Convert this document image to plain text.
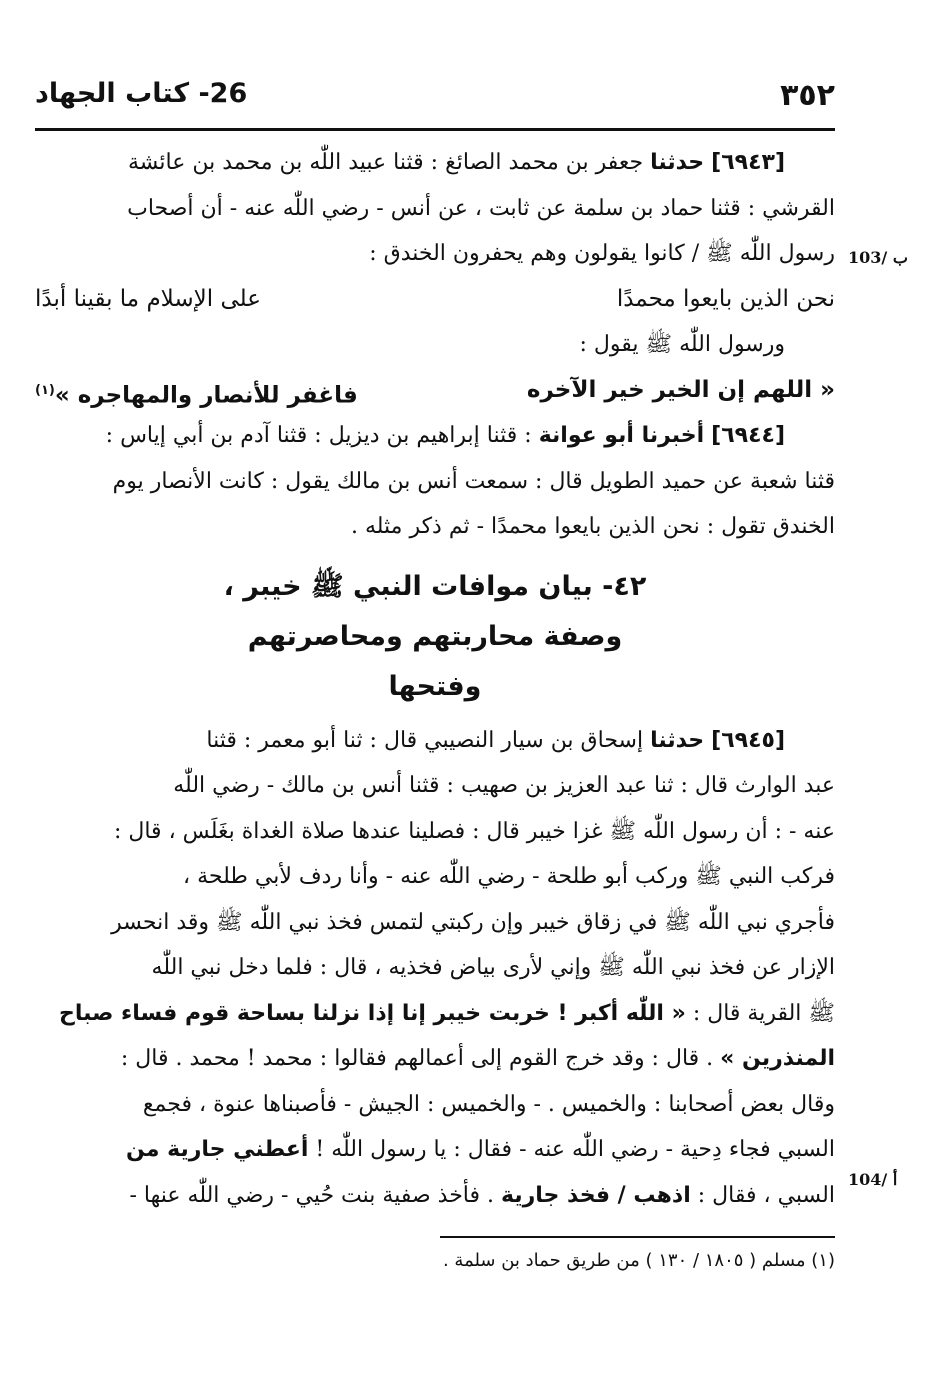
٣٥٢
26- كتاب الجهاد
103/ ب
104/ أ
[٦٩٤٣] حدثنا جعفر بن محمد الصائغ : قثنا عبيد اللّٰه بن محمد بن عائشة
القرشي : قثنا حماد بن سلمة عن ثابت ، عن أنس - رضي اللّٰه عنه - أن أصحاب
رسول اللّٰه ﷺ / كانوا يقولون وهم يحفرون الخندق :
نحن الذين بايعوا محمدًا
على الإسلام ما بقينا أبدًا
ورسول اللّٰه ﷺ يقول :
« اللهم إن الخير خير الآخره
فاغفر للأنصار والمهاجره »$^{(١)}$
[٦٩٤٤] أخبرنا أبو عوانة : قثنا إبراهيم بن ديزيل : قثنا آدم بن أبي إياس :
قثنا شعبة عن حميد الطويل قال : سمعت أنس بن مالك يقول : كانت الأنصار يوم
الخندق تقول : نحن الذين بايعوا محمدًا - ثم ذكر مثله .
٤٢- بيان موافات النبي ﷺ خيبر ،
وصفة محاربتهم ومحاصرتهم
وفتحها
[٦٩٤٥] حدثنا إسحاق بن سيار النصيبي قال : ثنا أبو معمر : قثنا
عبد الوارث قال : ثنا عبد العزيز بن صهيب : قثنا أنس بن مالك - رضي اللّٰه
عنه - : أن رسول اللّٰه ﷺ غزا خيبر قال : فصلينا عندها صلاة الغداة بغَلَس ، قال :
فركب النبي ﷺ وركب أبو طلحة - رضي اللّٰه عنه - وأنا ردف لأبي طلحة ،
فأجري نبي اللّٰه ﷺ في زقاق خيبر وإن ركبتي لتمس فخذ نبي اللّٰه ﷺ وقد انحسر
الإزار عن فخذ نبي اللّٰه ﷺ وإني لأرى بياض فخذيه ، قال : فلما دخل نبي اللّٰه
ﷺ القرية قال : « اللّٰه أكبر ! خربت خيبر إنا إذا نزلنا بساحة قوم فساء صباح
المنذرين » . قال : وقد خرج القوم إلى أعمالهم فقالوا : محمد ! محمد . قال :
وقال بعض أصحابنا : والخميس . - والخميس : الجيش - فأصبناها عنوة ، فجمع
السبي فجاء دِحية - رضي اللّٰه عنه - فقال : يا رسول اللّٰه ! أعطني جارية من
السبي ، فقال : اذهب / فخذ جارية . فأخذ صفية بنت حُيي - رضي اللّٰه عنها -
(١) مسلم ( ١٨٠٥ / ١٣٠ ) من طريق حماد بن سلمة .
